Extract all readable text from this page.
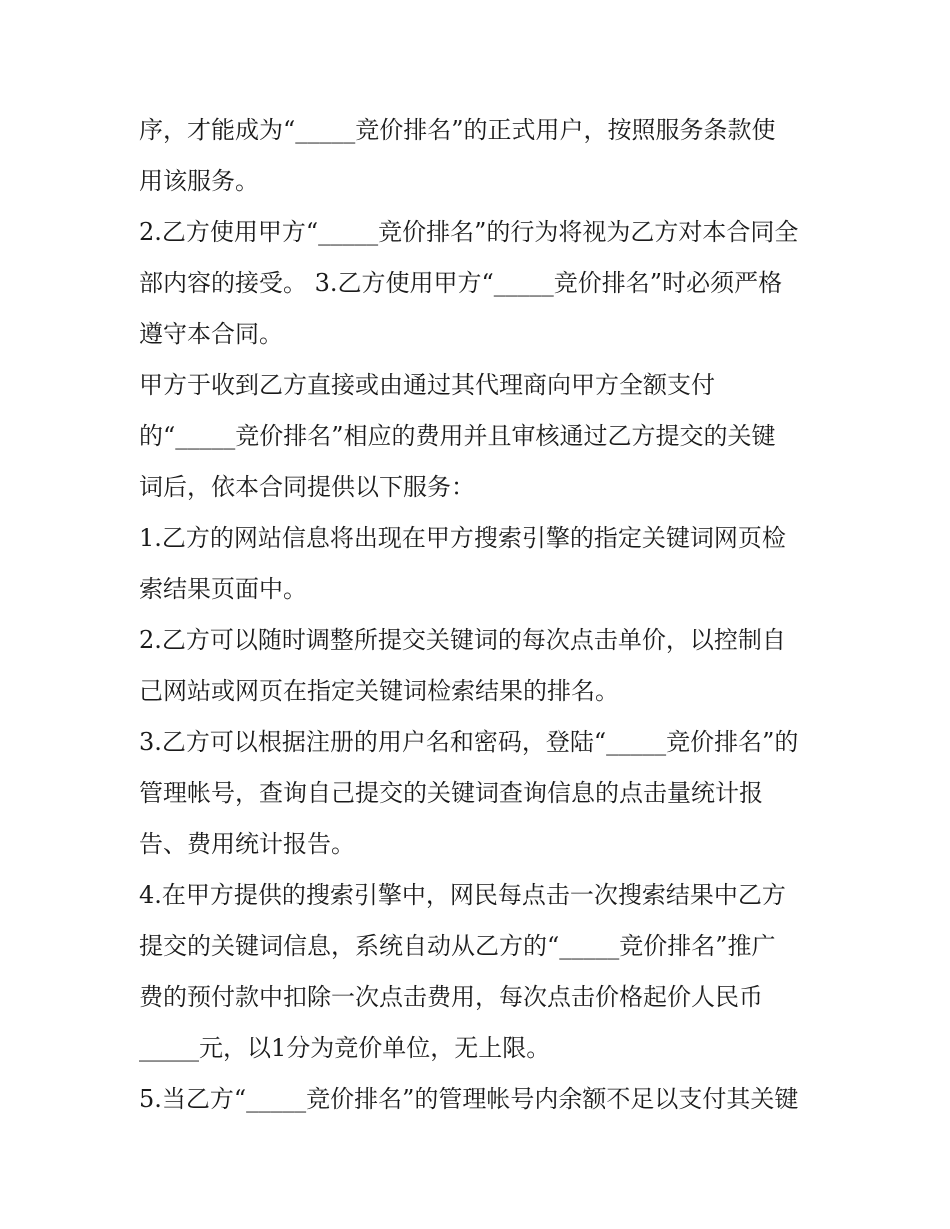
序，才能成为“_____竞价排名”的正式用户，按照服务条款使
用该服务。
2.乙方使用甲方“_____竞价排名”的行为将视为乙方对本合同全
部内容的接受。 3.乙方使用甲方“_____竞价排名”时必须严格
遵守本合同。
甲方于收到乙方直接或由通过其代理商向甲方全额支付
的“_____竞价排名”相应的费用并且审核通过乙方提交的关键
词后，依本合同提供以下服务：
1.乙方的网站信息将出现在甲方搜索引擎的指定关键词网页检
索结果页面中。
2.乙方可以随时调整所提交关键词的每次点击单价，以控制自
己网站或网页在指定关键词检索结果的排名。
3.乙方可以根据注册的用户名和密码，登陆“_____竞价排名”的
管理帐号，查询自己提交的关键词查询信息的点击量统计报
告、费用统计报告。
4.在甲方提供的搜索引擎中，网民每点击一次搜索结果中乙方
提交的关键词信息，系统自动从乙方的“_____竞价排名”推广
费的预付款中扣除一次点击费用，每次点击价格起价人民币
_____元，以1分为竞价单位，无上限。
5.当乙方“_____竞价排名”的管理帐号内余额不足以支付其关键
